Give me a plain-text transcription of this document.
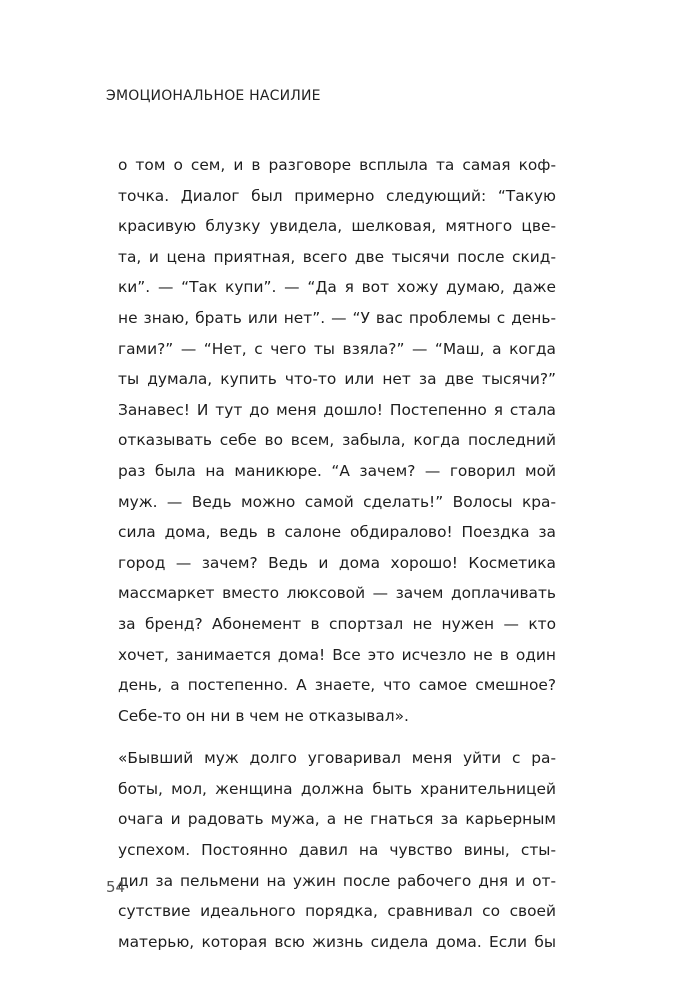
ЭМОЦИОНАЛЬНОЕ НАСИЛИЕ

о том о сем, и в разговоре всплыла та самая коф-
точка. Диалог был примерно следующий: “Такую
красивую блузку увидела, шелковая, мятного цве-
та, и цена приятная, всего две тысячи после скид-
ки”. — “Так купи”. — “Да я вот хожу думаю, даже
не знаю, брать или нет”. — “У вас проблемы с день-
гами?” — “Нет, с чего ты взяла?” — “Маш, а когда
ты думала, купить что-то или нет за две тысячи?”
Занавес! И тут до меня дошло! Постепенно я стала
отказывать себе во всем, забыла, когда последний
раз была на маникюре. “А зачем? — говорил мой
муж. — Ведь можно самой сделать!” Волосы кра-
сила дома, ведь в салоне обдиралово! Поездка за
город — зачем? Ведь и дома хорошо! Косметика
массмаркет вместо люксовой — зачем доплачивать
за бренд? Абонемент в спортзал не нужен — кто
хочет, занимается дома! Все это исчезло не в один
день, а постепенно. А знаете, что самое смешное?
Себе-то он ни в чем не отказывал».

«Бывший муж долго уговаривал меня уйти с ра-
боты, мол, женщина должна быть хранительницей
очага и радовать мужа, а не гнаться за карьерным
успехом. Постоянно давил на чувство вины, сты-
дил за пельмени на ужин после рабочего дня и от-
сутствие идеального порядка, сравнивал со своей
матерью, которая всю жизнь сидела дома. Если бы

54
